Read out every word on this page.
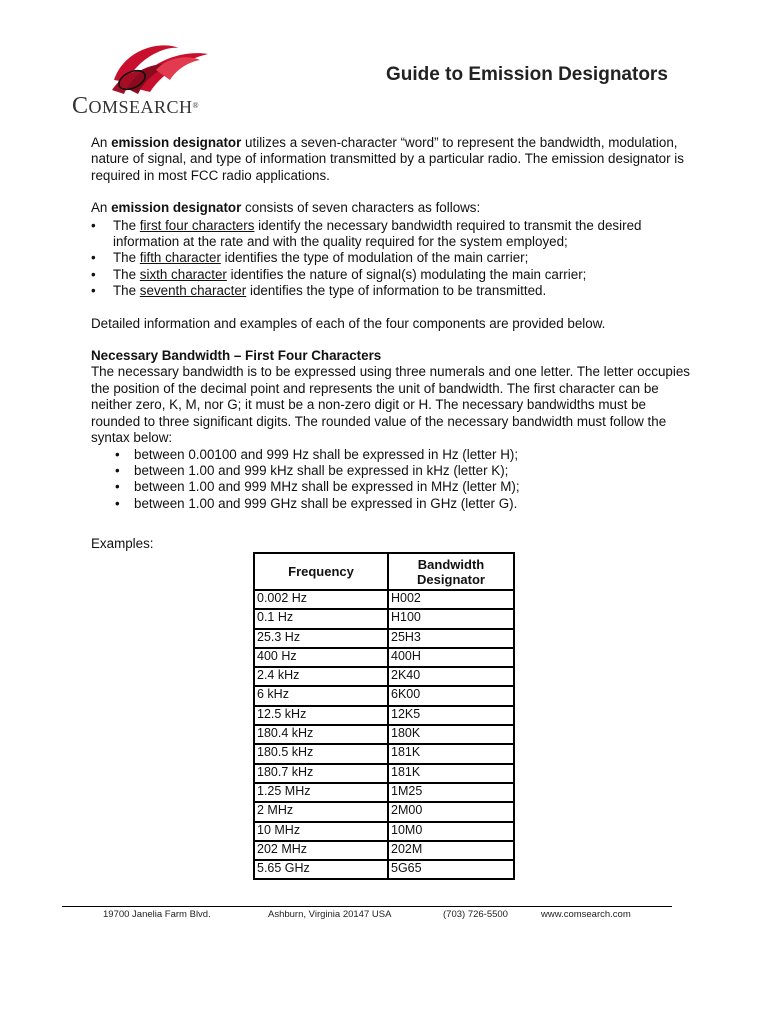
COMSEARCH®
Guide to Emission Designators
An emission designator utilizes a seven-character “word” to represent the bandwidth, modulation, nature of signal, and type of information transmitted by a particular radio. The emission designator is required in most FCC radio applications.
An emission designator consists of seven characters as follows:
• The first four characters identify the necessary bandwidth required to transmit the desired information at the rate and with the quality required for the system employed;
• The fifth character identifies the type of modulation of the main carrier;
• The sixth character identifies the nature of signal(s) modulating the main carrier;
• The seventh character identifies the type of information to be transmitted.
Detailed information and examples of each of the four components are provided below.
Necessary Bandwidth – First Four Characters
The necessary bandwidth is to be expressed using three numerals and one letter. The letter occupies the position of the decimal point and represents the unit of bandwidth. The first character can be neither zero, K, M, nor G; it must be a non-zero digit or H. The necessary bandwidths must be rounded to three significant digits. The rounded value of the necessary bandwidth must follow the syntax below:
• between 0.00100 and 999 Hz shall be expressed in Hz (letter H);
• between 1.00 and 999 kHz shall be expressed in kHz (letter K);
• between 1.00 and 999 MHz shall be expressed in MHz (letter M);
• between 1.00 and 999 GHz shall be expressed in GHz (letter G).
Examples:
Frequency	Bandwidth
Designator
0.002 Hz	H002
0.1 Hz	H100
25.3 Hz	25H3
400 Hz	400H
2.4 kHz	2K40
6 kHz	6K00
12.5 kHz	12K5
180.4 kHz	180K
180.5 kHz	181K
180.7 kHz	181K
1.25 MHz	1M25
2 MHz	2M00
10 MHz	10M0
202 MHz	202M
5.65 GHz	5G65
19700 Janelia Farm Blvd.	Ashburn, Virginia 20147 USA	(703) 726-5500	www.comsearch.com
